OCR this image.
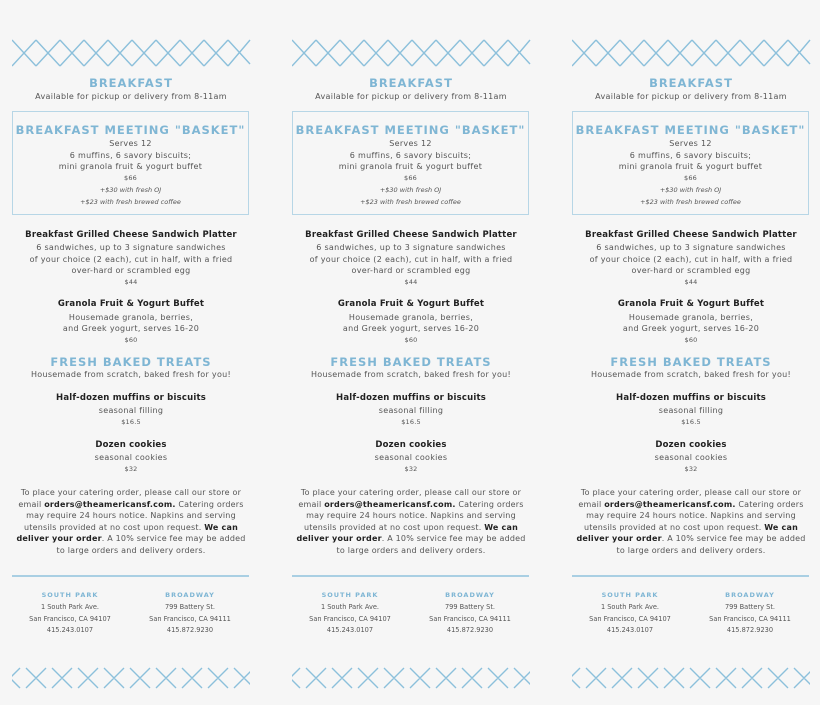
BREAKFAST
Available for pickup or delivery from 8-11am
BREAKFAST MEETING "BASKET"
Serves 12
6 muffins, 6 savory biscuits;
mini granola fruit & yogurt buffet
$66
+$30 with fresh OJ
+$23 with fresh brewed coffee
Breakfast Grilled Cheese Sandwich Platter
6 sandwiches, up to 3 signature sandwiches
of your choice (2 each), cut in half, with a fried
over-hard or scrambled egg
$44
Granola Fruit & Yogurt Buffet
Housemade granola, berries,
and Greek yogurt, serves 16-20
$60
FRESH BAKED TREATS
Housemade from scratch, baked fresh for you!
Half-dozen muffins or biscuits
seasonal filling
$16.5
Dozen cookies
seasonal cookies
$32
To place your catering order, please call our store or
email orders@theamericansf.com. Catering orders
may require 24 hours notice. Napkins and serving
utensils provided at no cost upon request. We can
deliver your order. A 10% service fee may be added
to large orders and delivery orders.
SOUTH PARK
1 South Park Ave.
San Francisco, CA 94107
415.243.0107
BROADWAY
799 Battery St.
San Francisco, CA 94111
415.872.9230
BREAKFAST
Available for pickup or delivery from 8-11am
BREAKFAST MEETING "BASKET"
Serves 12
6 muffins, 6 savory biscuits;
mini granola fruit & yogurt buffet
$66
+$30 with fresh OJ
+$23 with fresh brewed coffee
Breakfast Grilled Cheese Sandwich Platter
6 sandwiches, up to 3 signature sandwiches
of your choice (2 each), cut in half, with a fried
over-hard or scrambled egg
$44
Granola Fruit & Yogurt Buffet
Housemade granola, berries,
and Greek yogurt, serves 16-20
$60
FRESH BAKED TREATS
Housemade from scratch, baked fresh for you!
Half-dozen muffins or biscuits
seasonal filling
$16.5
Dozen cookies
seasonal cookies
$32
To place your catering order, please call our store or
email orders@theamericansf.com. Catering orders
may require 24 hours notice. Napkins and serving
utensils provided at no cost upon request. We can
deliver your order. A 10% service fee may be added
to large orders and delivery orders.
SOUTH PARK
1 South Park Ave.
San Francisco, CA 94107
415.243.0107
BROADWAY
799 Battery St.
San Francisco, CA 94111
415.872.9230
BREAKFAST
Available for pickup or delivery from 8-11am
BREAKFAST MEETING "BASKET"
Serves 12
6 muffins, 6 savory biscuits;
mini granola fruit & yogurt buffet
$66
+$30 with fresh OJ
+$23 with fresh brewed coffee
Breakfast Grilled Cheese Sandwich Platter
6 sandwiches, up to 3 signature sandwiches
of your choice (2 each), cut in half, with a fried
over-hard or scrambled egg
$44
Granola Fruit & Yogurt Buffet
Housemade granola, berries,
and Greek yogurt, serves 16-20
$60
FRESH BAKED TREATS
Housemade from scratch, baked fresh for you!
Half-dozen muffins or biscuits
seasonal filling
$16.5
Dozen cookies
seasonal cookies
$32
To place your catering order, please call our store or
email orders@theamericansf.com. Catering orders
may require 24 hours notice. Napkins and serving
utensils provided at no cost upon request. We can
deliver your order. A 10% service fee may be added
to large orders and delivery orders.
SOUTH PARK
1 South Park Ave.
San Francisco, CA 94107
415.243.0107
BROADWAY
799 Battery St.
San Francisco, CA 94111
415.872.9230
